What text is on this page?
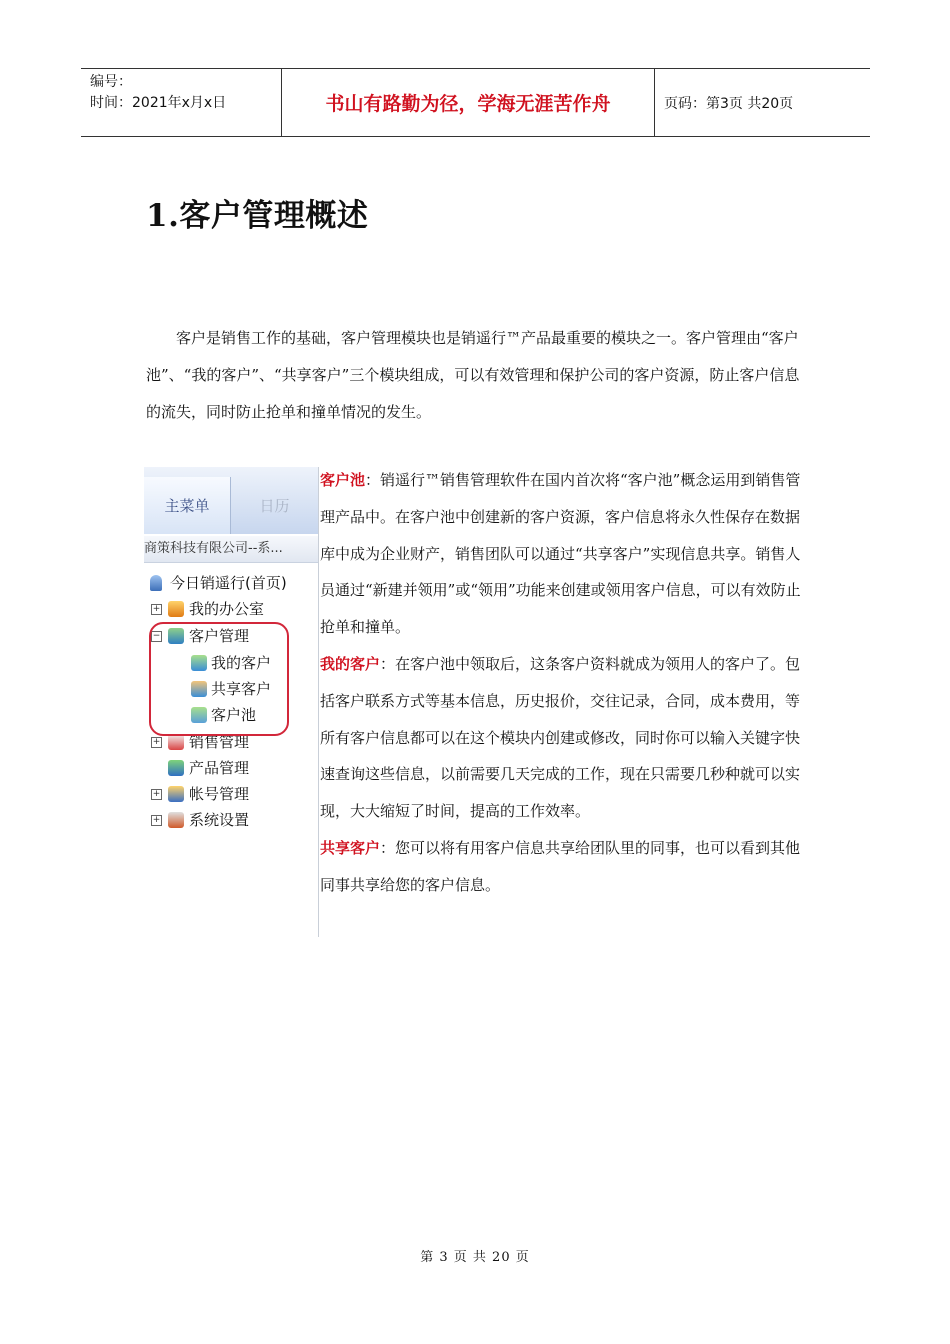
编号：
时间：2021年x月x日	书山有路勤为径，学海无涯苦作舟	页码：第3页 共20页
1.客户管理概述

客户是销售工作的基础，客户管理模块也是销遥行™产品最重要的模块之一。客户管理由“客户池”、“我的客户”、“共享客户”三个模块组成，可以有效管理和保护公司的客户资源，防止客户信息的流失，同时防止抢单和撞单情况的发生。

主菜单	日历
商策科技有限公司--系...
今日销遥行(首页)
+ 我的办公室
− 客户管理
我的客户
共享客户
客户池
+ 销售管理
产品管理
+ 帐号管理
+ 系统设置
客户池：销遥行™销售管理软件在国内首次将“客户池”概念运用到销售管理产品中。在客户池中创建新的客户资源，客户信息将永久性保存在数据库中成为企业财产，销售团队可以通过“共享客户”实现信息共享。销售人员通过“新建并领用”或“领用”功能来创建或领用客户信息，可以有效防止抢单和撞单。
我的客户：在客户池中领取后，这条客户资料就成为领用人的客户了。包括客户联系方式等基本信息，历史报价，交往记录，合同，成本费用，等所有客户信息都可以在这个模块内创建或修改，同时你可以输入关键字快速查询这些信息，以前需要几天完成的工作，现在只需要几秒种就可以实现，大大缩短了时间，提高的工作效率。
共享客户：您可以将有用客户信息共享给团队里的同事，也可以看到其他同事共享给您的客户信息。
第 3 页 共 20 页
